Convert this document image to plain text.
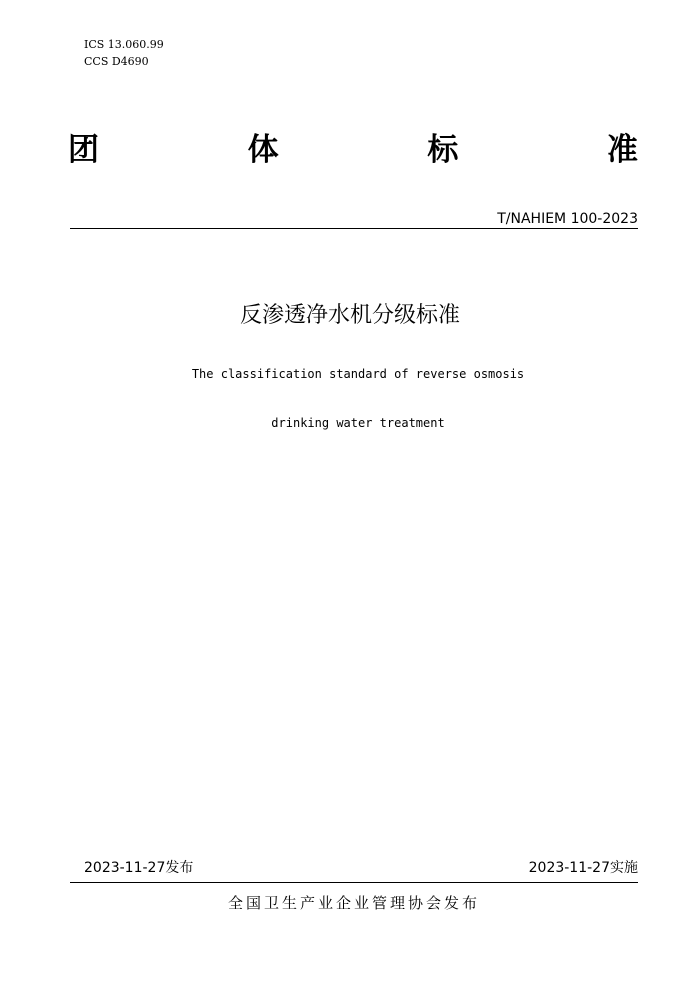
ICS 13.060.99
CCS D4690
团	体	标	准
T/NAHIEM 100-2023
反渗透净水机分级标准
The classification standard of reverse osmosis
drinking water treatment
2023-11-27发布	2023-11-27实施
全国卫生产业企业管理协会发布
